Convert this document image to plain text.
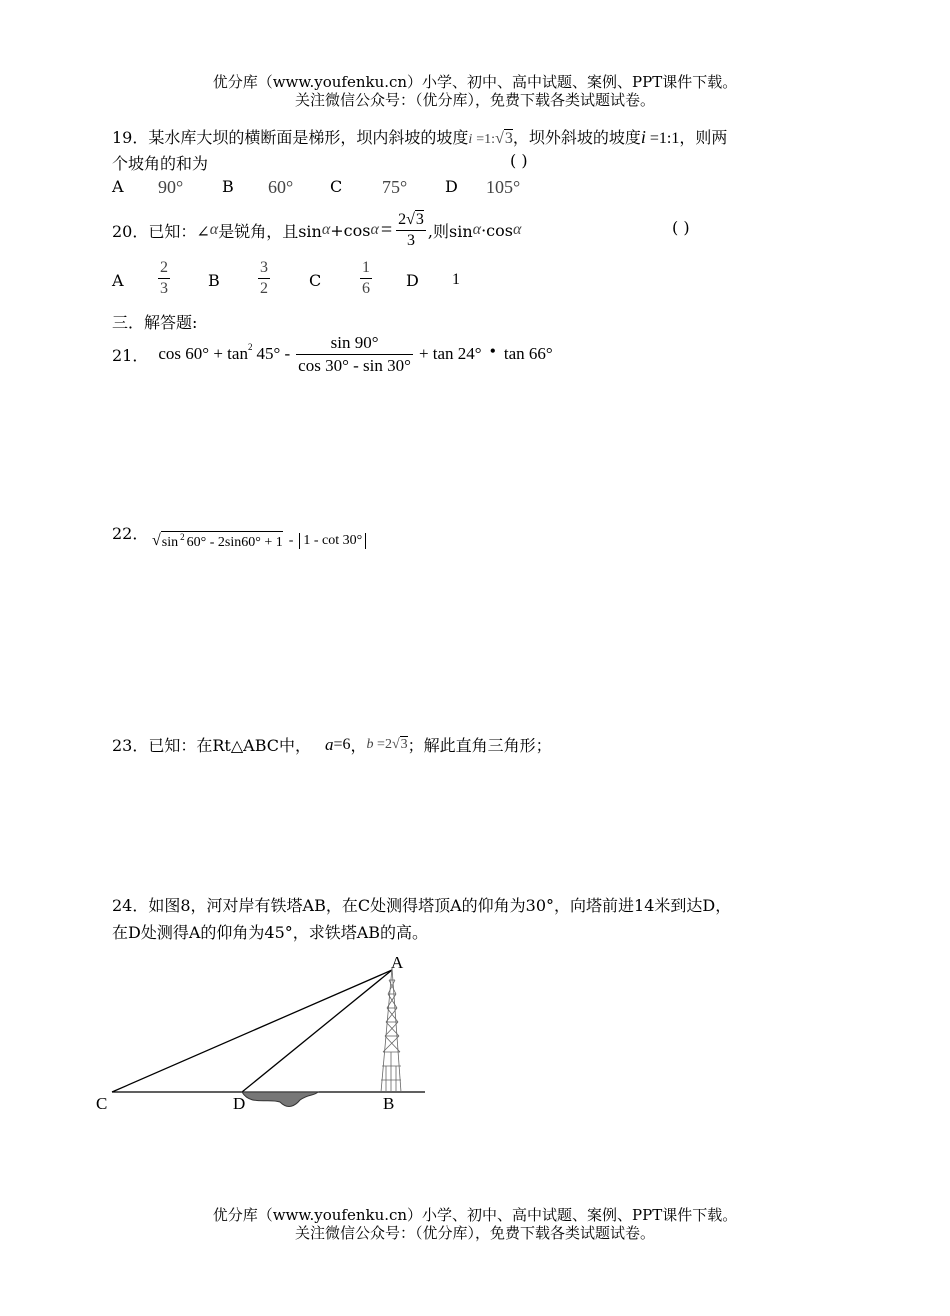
优分库（www.youfenku.cn）小学、初中、高中试题、案例、PPT课件下载。
关注微信公众号：（优分库），免费下载各类试题试卷。
19．某水库大坝的横断面是梯形，坝内斜坡的坡度i =1:√3，坝外斜坡的坡度i =1:1，则两
个坡角的和为	( )
A 90° B 60° C 75° D 105°
20．已知：∠ α 是锐角，且sin α +cos $\alpha = \frac{2√3}{3}$ ,则sin α ·cos α	( )
A $\frac{2}{3}$ B $\frac{3}{2}$ C $\frac{1}{6}$ D 1
三．解答题:
21． cos 60° + tan 2 $45^\circ - \frac{\sin 90^\circ}{\cos 30^\circ - \sin 30^\circ} + \tan 24^\circ$ • tan 66°
22． √ sin $^2$ 60° - 2sin60° + 1 - 1 - cot 30°
23．已知：在Rt△ABC中， a =6 ， b =2√3 ；解此直角三角形；
24．如图8，河对岸有铁塔AB，在C处测得塔顶A的仰角为30°，向塔前进14米到达D，
在D处测得A的仰角为45°，求铁塔AB的高。
A
C	D	B
优分库（www.youfenku.cn）小学、初中、高中试题、案例、PPT课件下载。
关注微信公众号：（优分库），免费下载各类试题试卷。
